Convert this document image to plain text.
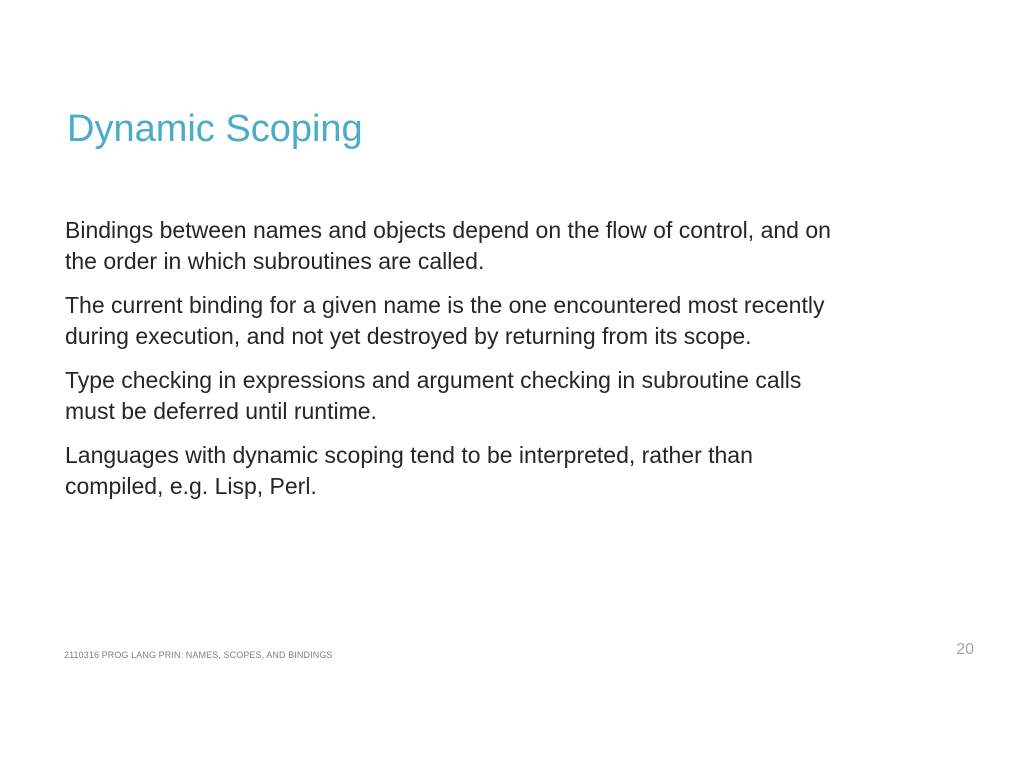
Dynamic Scoping

Bindings between names and objects depend on the flow of control, and on
the order in which subroutines are called.

The current binding for a given name is the one encountered most recently
during execution, and not yet destroyed by returning from its scope.

Type checking in expressions and argument checking in subroutine calls
must be deferred until runtime.

Languages with dynamic scoping tend to be interpreted, rather than
compiled, e.g. Lisp, Perl.

2110316 PROG LANG PRIN: NAMES, SCOPES, AND BINDINGS	20
